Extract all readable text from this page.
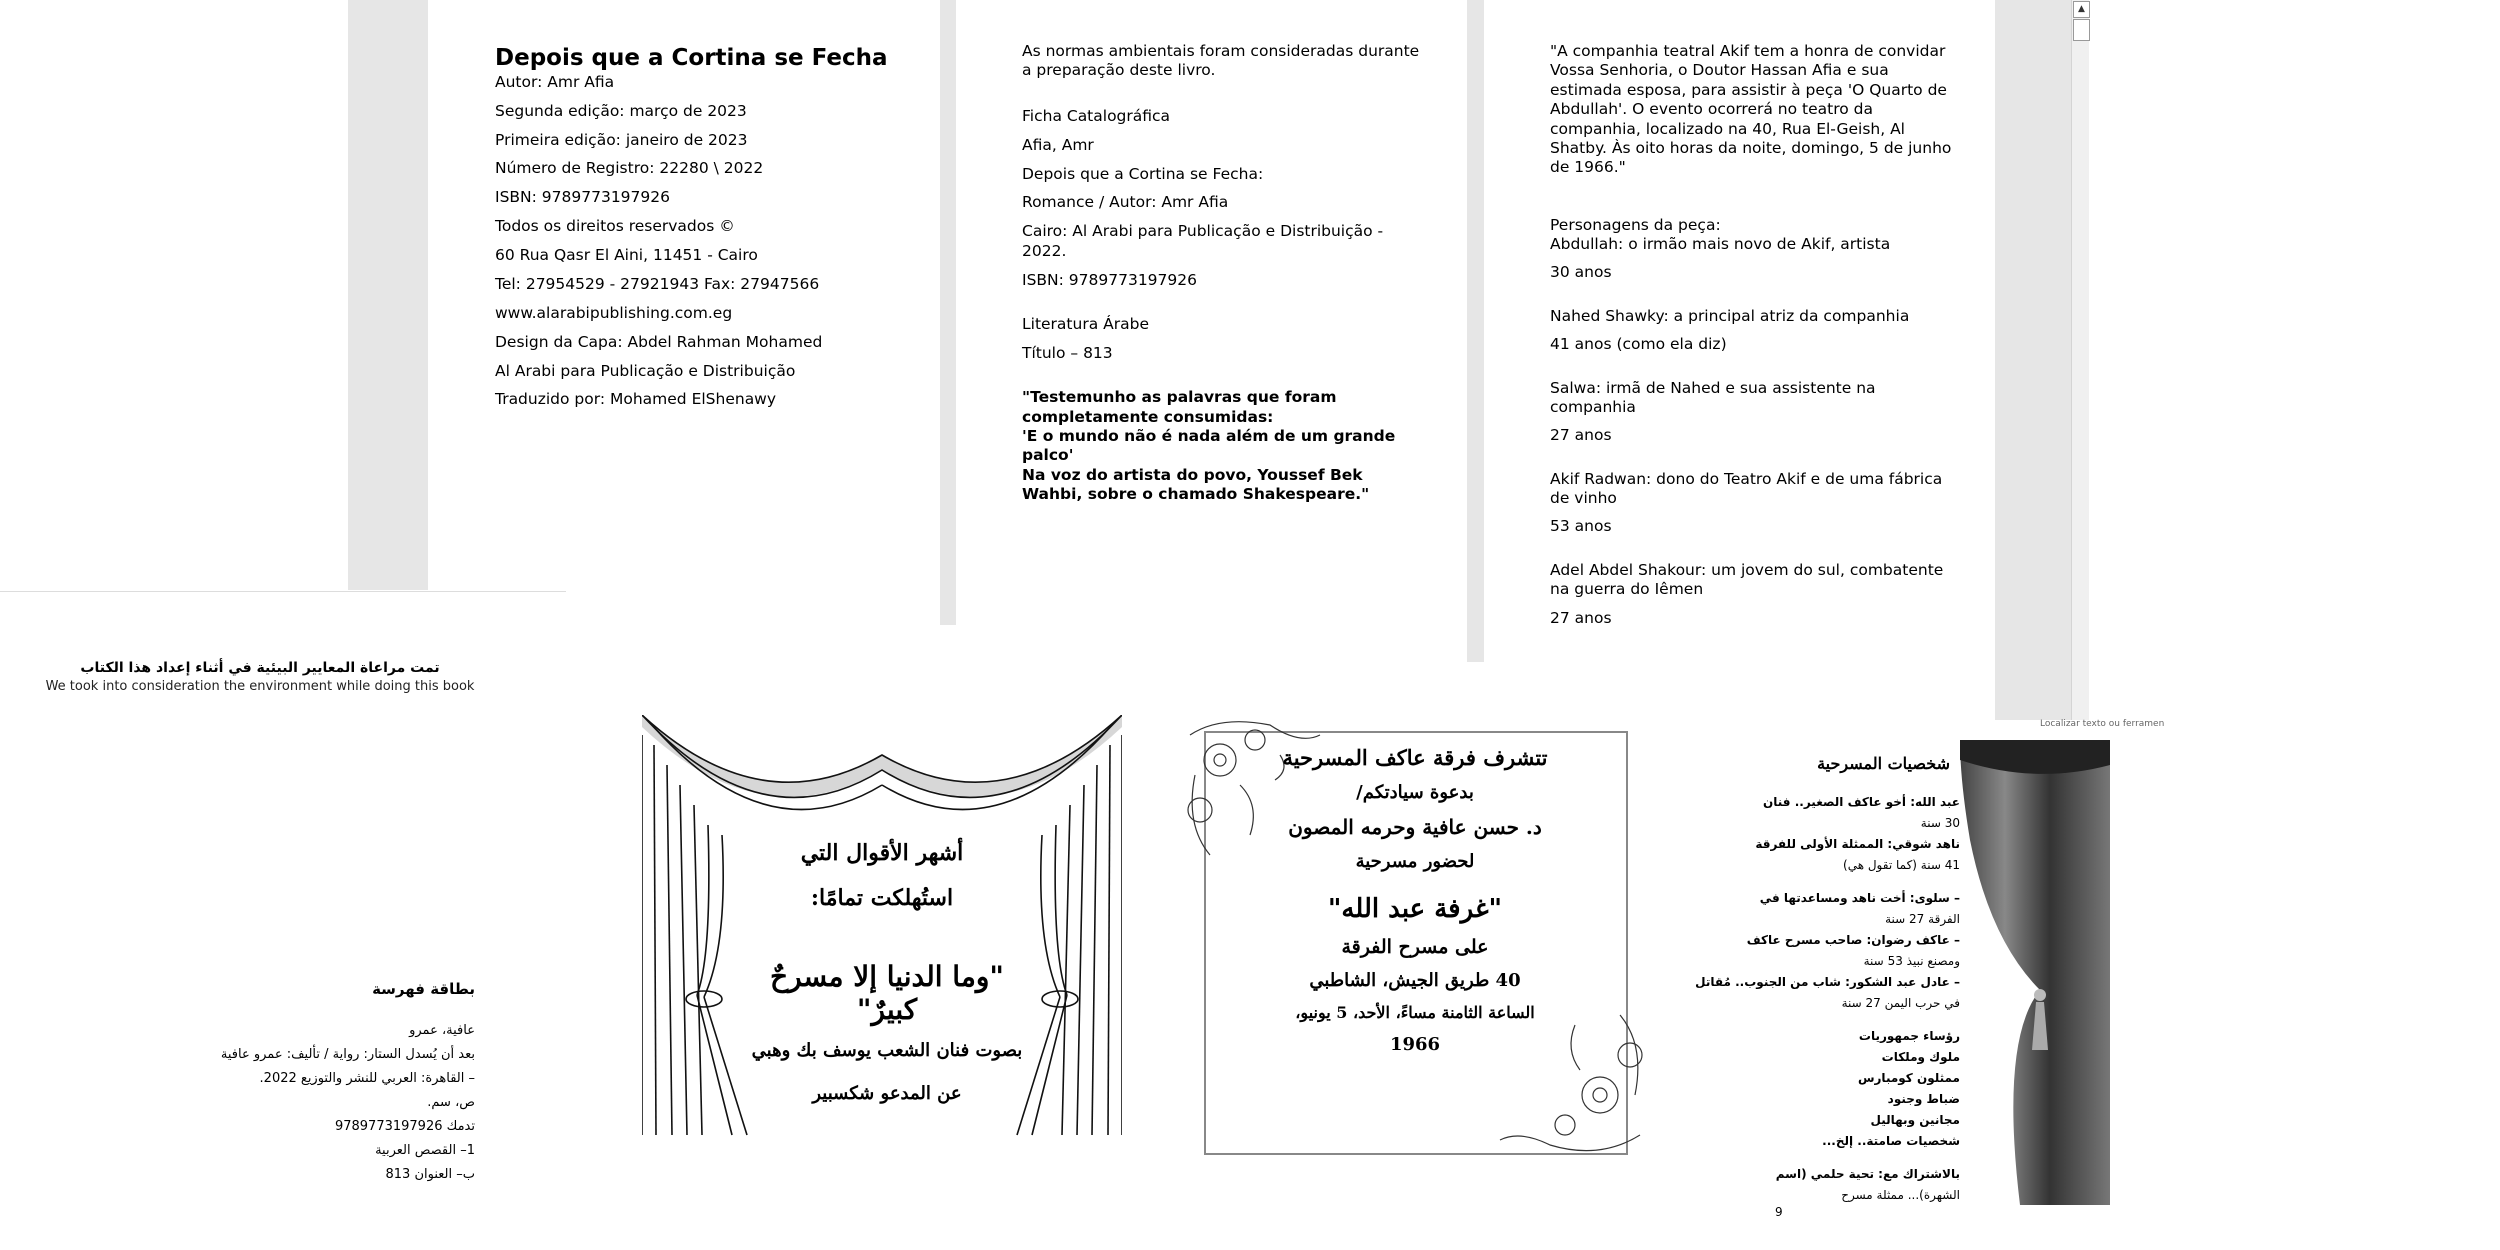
Depois que a Cortina se Fecha

Autor: Amr Afia

Segunda edição: março de 2023

Primeira edição: janeiro de 2023

Número de Registro: 22280 \ 2022

ISBN: 9789773197926

Todos os direitos reservados ©

60 Rua Qasr El Aini, 11451 - Cairo

Tel: 27954529 - 27921943 Fax: 27947566

www.alarabipublishing.com.eg

Design da Capa: Abdel Rahman Mohamed

Al Arabi para Publicação e Distribuição

Traduzido por: Mohamed ElShenawy

As normas ambientais foram consideradas durante a preparação deste livro.

Ficha Catalográfica

Afia, Amr

Depois que a Cortina se Fecha:

Romance / Autor: Amr Afia

Cairo: Al Arabi para Publicação e Distribuição - 2022.

ISBN: 9789773197926

Literatura Árabe

Título – 813

"Testemunho as palavras que foram completamente consumidas:

'E o mundo não é nada além de um grande palco'

Na voz do artista do povo, Youssef Bek Wahbi, sobre o chamado Shakespeare."

"A companhia teatral Akif tem a honra de convidar Vossa Senhoria, o Doutor Hassan Afia e sua estimada esposa, para assistir à peça 'O Quarto de Abdullah'. O evento ocorrerá no teatro da companhia, localizado na 40, Rua El-Geish, Al Shatby. Às oito horas da noite, domingo, 5 de junho de 1966."

Personagens da peça:

Abdullah: o irmão mais novo de Akif, artista

30 anos

Nahed Shawky: a principal atriz da companhia

41 anos (como ela diz)

Salwa: irmã de Nahed e sua assistente na companhia

27 anos

Akif Radwan: dono do Teatro Akif e de uma fábrica de vinho

53 anos

Adel Abdel Shakour: um jovem do sul, combatente na guerra do Iêmen

27 anos

▲
Localizar texto ou ferramen
تمت مراعاة المعايير البيئية في أثناء إعداد هذا الكتاب
We took into consideration the environment while doing this book
بطاقة فهرسة

عافية، عمرو

بعد أن يُسدل الستار: رواية / تأليف: عمرو عافية

– القاهرة: العربي للنشر والتوزيع 2022.

ص، سم.

تدمك 9789773197926

1– القصص العربية

ب– العنوان 813

أشهر الأقوال التي
استُهلكت تمامًا:
"وما الدنيا إلا مسرحٌ كبيرٌ"
بصوت فنان الشعب يوسف بك وهبي
عن المدعو شكسبير

تتشرف فرقة عاكف المسرحية

بدعوة سيادتكم/

د. حسن عافية وحرمه المصون

لحضور مسرحية

"غرفة عبد الله"

على مسرح الفرقة

40 طريق الجيش، الشاطبي

الساعة الثامنة مساءً، الأحد، 5 يونيو،

1966

شخصيات المسرحية

عبد الله: أخو عاكف الصغير.. فنان

30 سنة

ناهد شوقي: الممثلة الأولى للفرقة

41 سنة (كما تقول هي)

– سلوى: أخت ناهد ومساعدتها في

الفرقة 27 سنة

– عاكف رضوان: صاحب مسرح عاكف

ومصنع نبيذ 53 سنة

– عادل عبد الشكور: شاب من الجنوب.. مُقاتل

في حرب اليمن 27 سنة

رؤساء جمهوريات

ملوك وملكات

ممثلون كومبارس

ضباط وجنود

مجانين وبهاليل

شخصيات صامتة.. إلخ...

بالاشتراك مع: تحية حلمي (اسم

الشهرة)... ممثلة مسرح

9
